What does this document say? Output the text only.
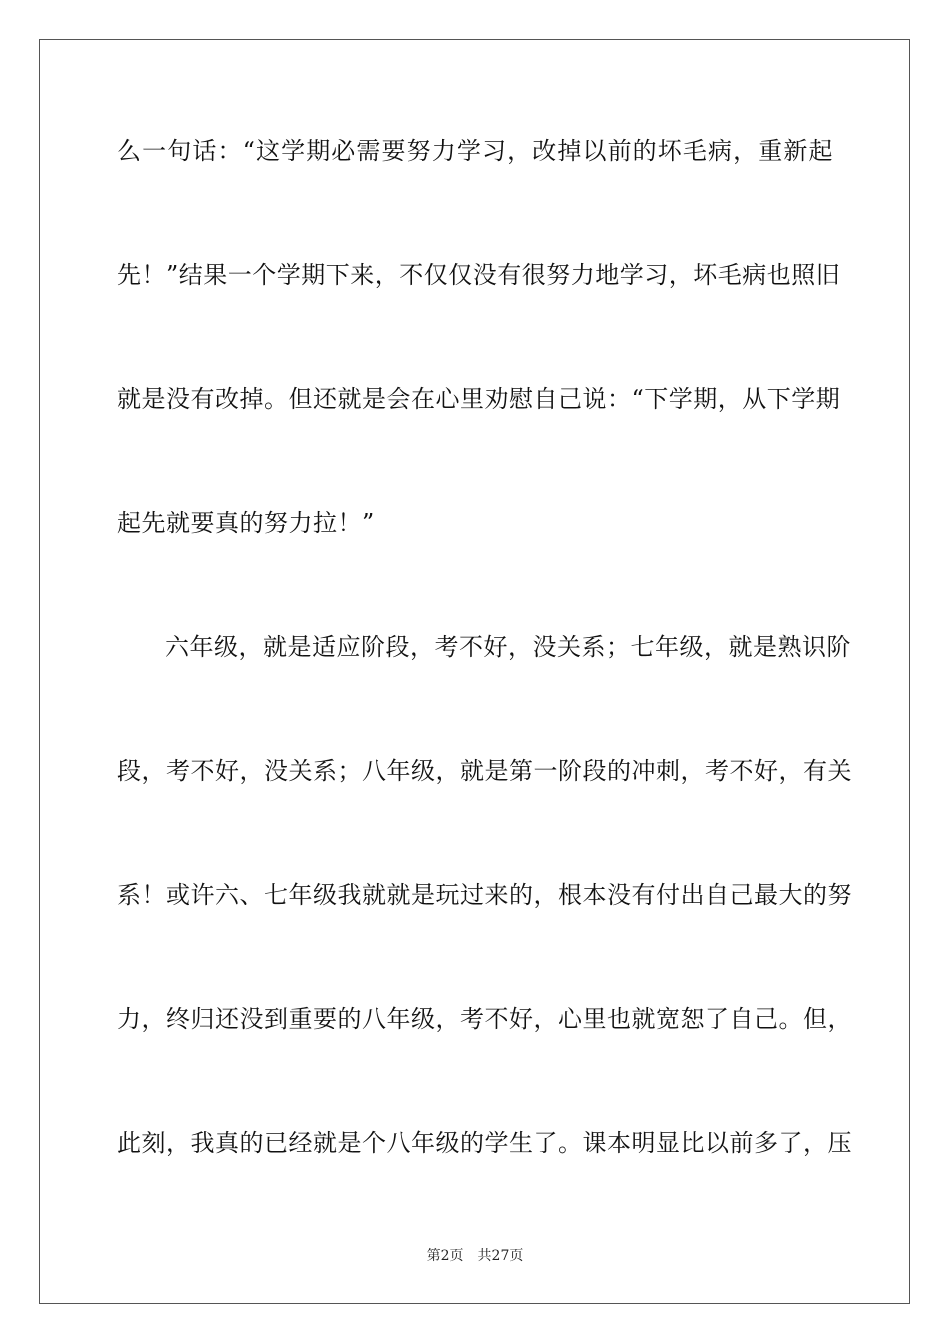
么一句话：“这学期必需要努力学习，改掉以前的坏毛病，重新起
先！”结果一个学期下来，不仅仅没有很努力地学习，坏毛病也照旧
就是没有改掉。但还就是会在心里劝慰自己说：“下学期，从下学期
起先就要真的努力拉！”
六年级，就是适应阶段，考不好，没关系；七年级，就是熟识阶
段，考不好，没关系；八年级，就是第一阶段的冲刺，考不好，有关
系！或许六、七年级我就就是玩过来的，根本没有付出自己最大的努
力，终归还没到重要的八年级，考不好，心里也就宽恕了自己。但，
此刻，我真的已经就是个八年级的学生了。课本明显比以前多了，压
第2页 共27页
